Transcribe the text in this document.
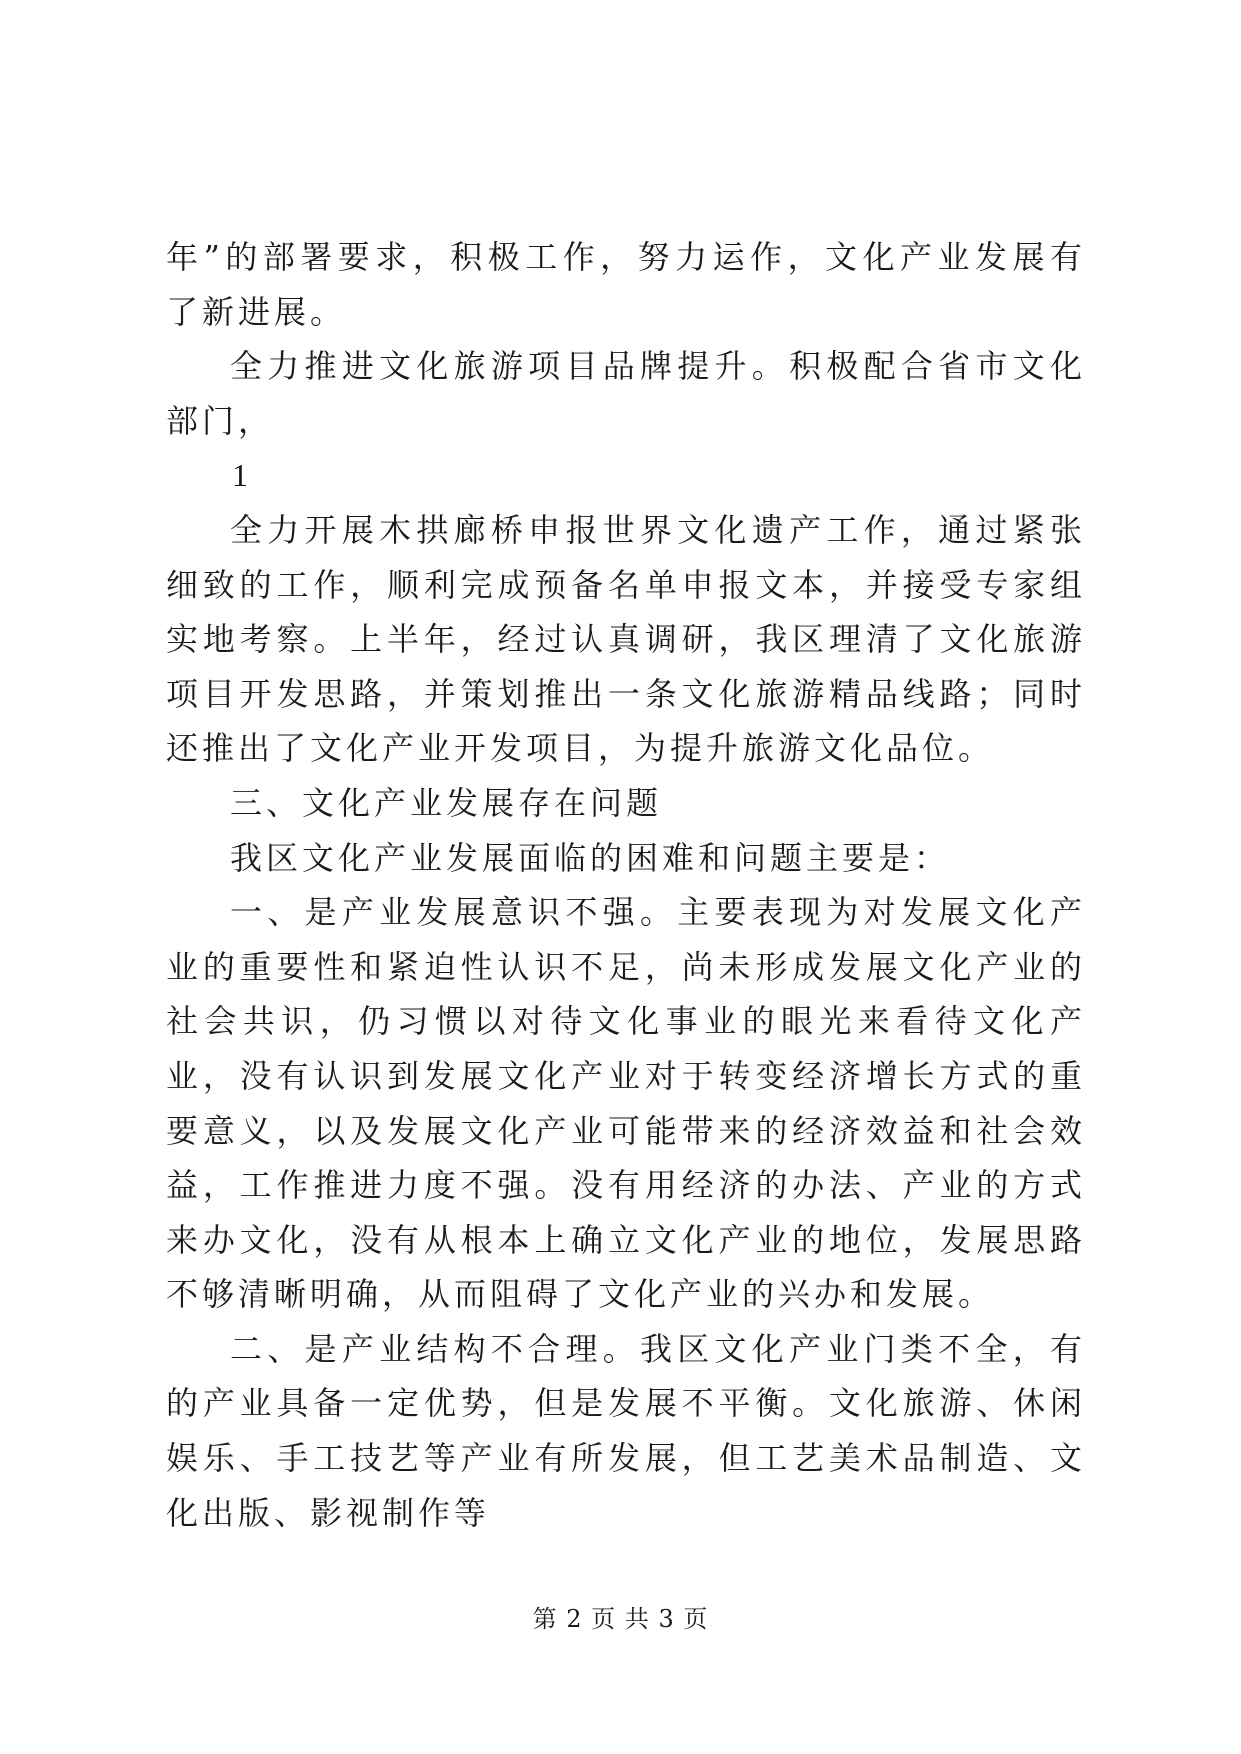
年”的部署要求，积极工作，努力运作，文化产业发展有了新进展。

全力推进文化旅游项目品牌提升。积极配合省市文化部门，

1

全力开展木拱廊桥申报世界文化遗产工作，通过紧张细致的工作，顺利完成预备名单申报文本，并接受专家组实地考察。上半年，经过认真调研，我区理清了文化旅游项目开发思路，并策划推出一条文化旅游精品线路；同时还推出了文化产业开发项目，为提升旅游文化品位。

三、文化产业发展存在问题

我区文化产业发展面临的困难和问题主要是：

一、是产业发展意识不强。主要表现为对发展文化产业的重要性和紧迫性认识不足，尚未形成发展文化产业的社会共识，仍习惯以对待文化事业的眼光来看待文化产业，没有认识到发展文化产业对于转变经济增长方式的重要意义，以及发展文化产业可能带来的经济效益和社会效益，工作推进力度不强。没有用经济的办法、产业的方式来办文化，没有从根本上确立文化产业的地位，发展思路不够清晰明确，从而阻碍了文化产业的兴办和发展。

二、是产业结构不合理。我区文化产业门类不全，有的产业具备一定优势，但是发展不平衡。文化旅游、休闲娱乐、手工技艺等产业有所发展，但工艺美术品制造、文化出版、影视制作等

第 2 页 共 3 页
